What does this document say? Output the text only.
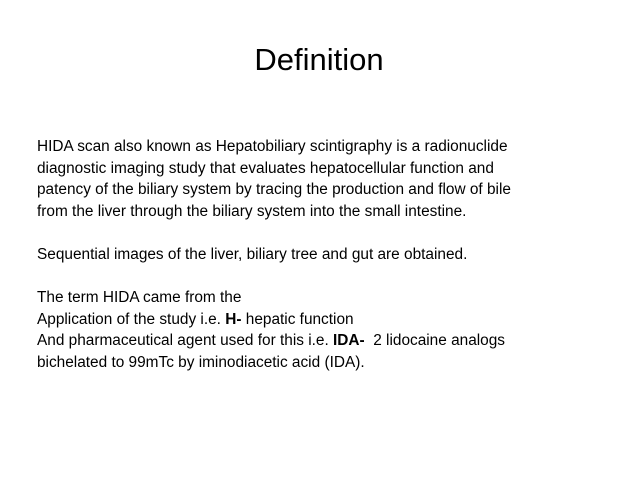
Definition

HIDA scan also known as Hepatobiliary scintigraphy is a radionuclide
diagnostic imaging study that evaluates hepatocellular function and
patency of the biliary system by tracing the production and flow of bile
from the liver through the biliary system into the small intestine.

Sequential images of the liver, biliary tree and gut are obtained.

The term HIDA came from the
Application of the study i.e. H- hepatic function
And pharmaceutical agent used for this i.e. IDA-  2 lidocaine analogs
bichelated to 99mTc by iminodiacetic acid (IDA).
